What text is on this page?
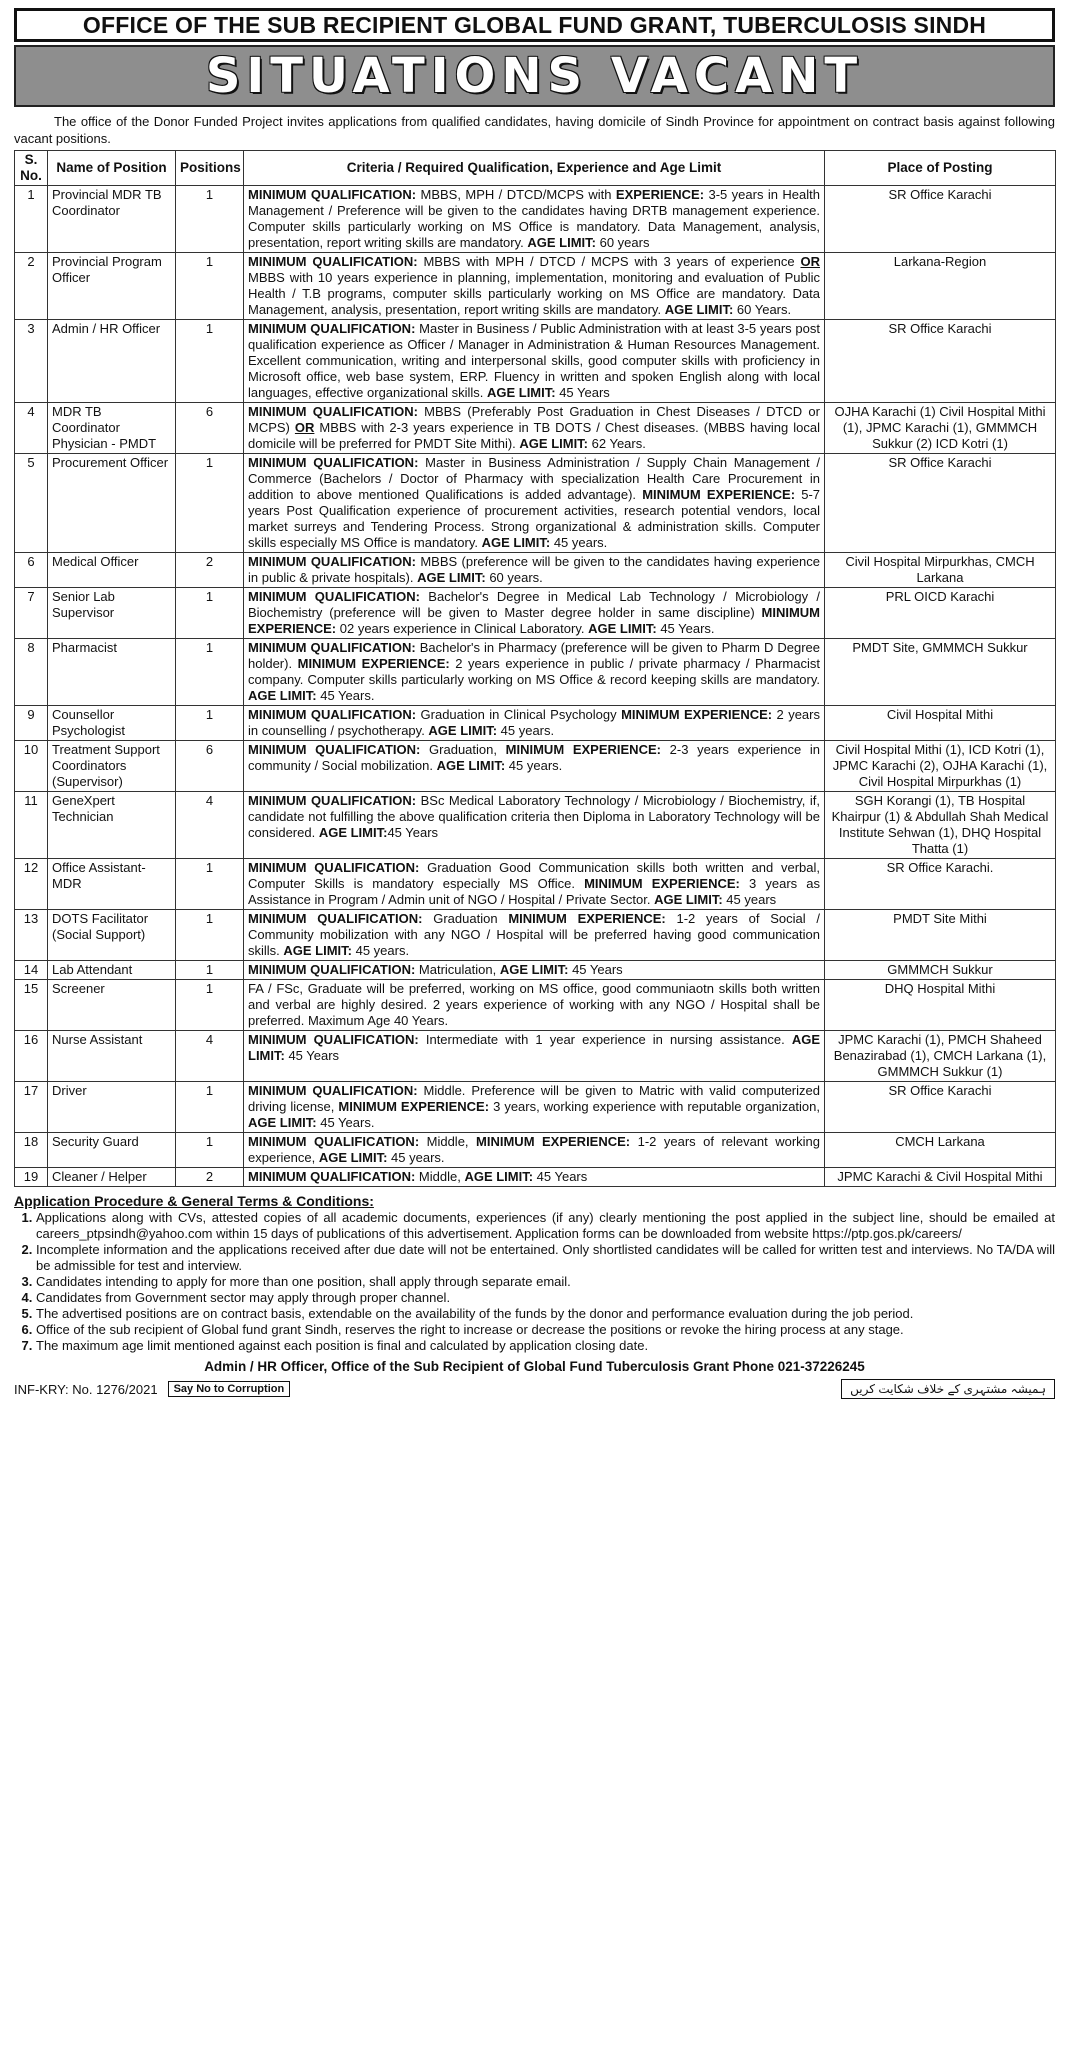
OFFICE OF THE SUB RECIPIENT GLOBAL FUND GRANT, TUBERCULOSIS SINDH
SITUATIONS VACANT
The office of the Donor Funded Project invites applications from qualified candidates, having domicile of Sindh Province for appointment on contract basis against following vacant positions.
S. No.	Name of Position	Positions	Criteria / Required Qualification, Experience and Age Limit	Place of Posting
1	Provincial MDR TB Coordinator	1	MINIMUM QUALIFICATION: MBBS, MPH / DTCD/MCPS with EXPERIENCE: 3-5 years in Health Management / Preference will be given to the candidates having DRTB management experience. Computer skills particularly working on MS Office is mandatory. Data Management, analysis, presentation, report writing skills are mandatory. AGE LIMIT: 60 years	SR Office Karachi
2	Provincial Program Officer	1	MINIMUM QUALIFICATION: MBBS with MPH / DTCD / MCPS with 3 years of experience OR MBBS with 10 years experience in planning, implementation, monitoring and evaluation of Public Health / T.B programs, computer skills particularly working on MS Office are mandatory. Data Management, analysis, presentation, report writing skills are mandatory. AGE LIMIT: 60 Years.	Larkana-Region
3	Admin / HR Officer	1	MINIMUM QUALIFICATION: Master in Business / Public Administration with at least 3-5 years post qualification experience as Officer / Manager in Administration & Human Resources Management. Excellent communication, writing and interpersonal skills, good computer skills with proficiency in Microsoft office, web base system, ERP. Fluency in written and spoken English along with local languages, effective organizational skills. AGE LIMIT: 45 Years	SR Office Karachi
4	MDR TB Coordinator Physician - PMDT	6	MINIMUM QUALIFICATION: MBBS (Preferably Post Graduation in Chest Diseases / DTCD or MCPS) OR MBBS with 2-3 years experience in TB DOTS / Chest diseases. (MBBS having local domicile will be preferred for PMDT Site Mithi). AGE LIMIT: 62 Years.	OJHA Karachi (1) Civil Hospital Mithi (1), JPMC Karachi (1), GMMMCH Sukkur (2) ICD Kotri (1)
5	Procurement Officer	1	MINIMUM QUALIFICATION: Master in Business Administration / Supply Chain Management / Commerce (Bachelors / Doctor of Pharmacy with specialization Health Care Procurement in addition to above mentioned Qualifications is added advantage). MINIMUM EXPERIENCE: 5-7 years Post Qualification experience of procurement activities, research potential vendors, local market surreys and Tendering Process. Strong organizational & administration skills. Computer skills especially MS Office is mandatory. AGE LIMIT: 45 years.	SR Office Karachi
6	Medical Officer	2	MINIMUM QUALIFICATION: MBBS (preference will be given to the candidates having experience in public & private hospitals). AGE LIMIT: 60 years.	Civil Hospital Mirpurkhas, CMCH Larkana
7	Senior Lab Supervisor	1	MINIMUM QUALIFICATION: Bachelor's Degree in Medical Lab Technology / Microbiology / Biochemistry (preference will be given to Master degree holder in same discipline) MINIMUM EXPERIENCE: 02 years experience in Clinical Laboratory. AGE LIMIT: 45 Years.	PRL OICD Karachi
8	Pharmacist	1	MINIMUM QUALIFICATION: Bachelor's in Pharmacy (preference will be given to Pharm D Degree holder). MINIMUM EXPERIENCE: 2 years experience in public / private pharmacy / Pharmacist company. Computer skills particularly working on MS Office & record keeping skills are mandatory. AGE LIMIT: 45 Years.	PMDT Site, GMMMCH Sukkur
9	Counsellor Psychologist	1	MINIMUM QUALIFICATION: Graduation in Clinical Psychology MINIMUM EXPERIENCE: 2 years in counselling / psychotherapy. AGE LIMIT: 45 years.	Civil Hospital Mithi
10	Treatment Support Coordinators (Supervisor)	6	MINIMUM QUALIFICATION: Graduation, MINIMUM EXPERIENCE: 2-3 years experience in community / Social mobilization. AGE LIMIT: 45 years.	Civil Hospital Mithi (1), ICD Kotri (1), JPMC Karachi (2), OJHA Karachi (1), Civil Hospital Mirpurkhas (1)
11	GeneXpert Technician	4	MINIMUM QUALIFICATION: BSc Medical Laboratory Technology / Microbiology / Biochemistry, if, candidate not fulfilling the above qualification criteria then Diploma in Laboratory Technology will be considered. AGE LIMIT:45 Years	SGH Korangi (1), TB Hospital Khairpur (1) & Abdullah Shah Medical Institute Sehwan (1), DHQ Hospital Thatta (1)
12	Office Assistant-MDR	1	MINIMUM QUALIFICATION: Graduation Good Communication skills both written and verbal, Computer Skills is mandatory especially MS Office. MINIMUM EXPERIENCE: 3 years as Assistance in Program / Admin unit of NGO / Hospital / Private Sector. AGE LIMIT: 45 years	SR Office Karachi.
13	DOTS Facilitator (Social Support)	1	MINIMUM QUALIFICATION: Graduation MINIMUM EXPERIENCE: 1-2 years of Social / Community mobilization with any NGO / Hospital will be preferred having good communication skills. AGE LIMIT: 45 years.	PMDT Site Mithi
14	Lab Attendant	1	MINIMUM QUALIFICATION: Matriculation, AGE LIMIT: 45 Years	GMMMCH Sukkur
15	Screener	1	FA / FSc, Graduate will be preferred, working on MS office, good communiaotn skills both written and verbal are highly desired. 2 years experience of working with any NGO / Hospital shall be preferred. Maximum Age 40 Years.	DHQ Hospital Mithi
16	Nurse Assistant	4	MINIMUM QUALIFICATION: Intermediate with 1 year experience in nursing assistance. AGE LIMIT: 45 Years	JPMC Karachi (1), PMCH Shaheed Benazirabad (1), CMCH Larkana (1), GMMMCH Sukkur (1)
17	Driver	1	MINIMUM QUALIFICATION: Middle. Preference will be given to Matric with valid computerized driving license, MINIMUM EXPERIENCE: 3 years, working experience with reputable organization, AGE LIMIT: 45 Years.	SR Office Karachi
18	Security Guard	1	MINIMUM QUALIFICATION: Middle, MINIMUM EXPERIENCE: 1-2 years of relevant working experience, AGE LIMIT: 45 years.	CMCH Larkana
19	Cleaner / Helper	2	MINIMUM QUALIFICATION: Middle, AGE LIMIT: 45 Years	JPMC Karachi & Civil Hospital Mithi
Application Procedure & General Terms & Conditions:
1. Applications along with CVs, attested copies of all academic documents, experiences (if any) clearly mentioning the post applied in the subject line, should be emailed at careers_ptpsindh@yahoo.com within 15 days of publications of this advertisement. Application forms can be downloaded from website https://ptp.gos.pk/careers/
2. Incomplete information and the applications received after due date will not be entertained. Only shortlisted candidates will be called for written test and interviews. No TA/DA will be admissible for test and interview.
3. Candidates intending to apply for more than one position, shall apply through separate email.
4. Candidates from Government sector may apply through proper channel.
5. The advertised positions are on contract basis, extendable on the availability of the funds by the donor and performance evaluation during the job period.
6. Office of the sub recipient of Global fund grant Sindh, reserves the right to increase or decrease the positions or revoke the hiring process at any stage.
7. The maximum age limit mentioned against each position is final and calculated by application closing date.
Admin / HR Officer, Office of the Sub Recipient of Global Fund Tuberculosis Grant Phone 021-37226245
INF-KRY: No. 1276/2021	Say No to Corruption	ہمیشہ مشتہری کے خلاف شکایت کریں
